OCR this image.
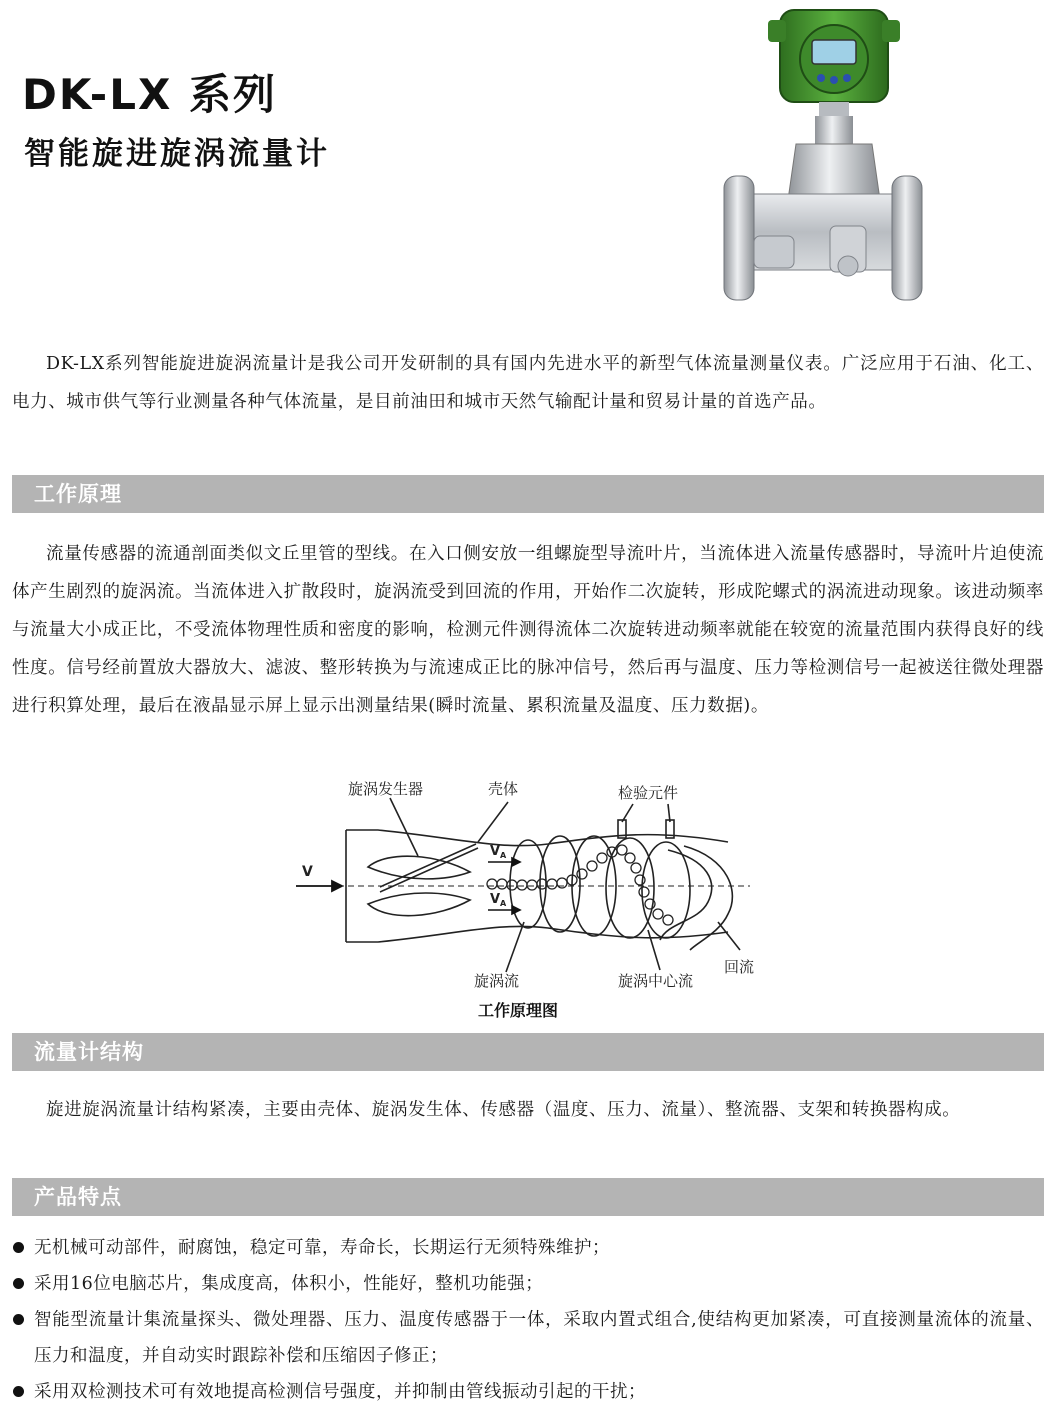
DK-LX 系列
智能旋进旋涡流量计

DK-LX系列智能旋进旋涡流量计是我公司开发研制的具有国内先进水平的新型气体流量测量仪表。广泛应用于石油、化工、电力、城市供气等行业测量各种气体流量，是目前油田和城市天然气输配计量和贸易计量的首选产品。

工作原理

流量传感器的流通剖面类似文丘里管的型线。在入口侧安放一组螺旋型导流叶片，当流体进入流量传感器时，导流叶片迫使流体产生剧烈的旋涡流。当流体进入扩散段时，旋涡流受到回流的作用，开始作二次旋转，形成陀螺式的涡流进动现象。该进动频率与流量大小成正比，不受流体物理性质和密度的影响，检测元件测得流体二次旋转进动频率就能在较宽的流量范围内获得良好的线性度。信号经前置放大器放大、滤波、整形转换为与流速成正比的脉冲信号，然后再与温度、压力等检测信号一起被送往微处理器进行积算处理，最后在液晶显示屏上显示出测量结果(瞬时流量、累积流量及温度、压力数据)。

旋涡发生器	壳体	检验元件
V
V A
V A
旋涡流	旋涡中心流
回流
工作原理图
流量计结构

旋进旋涡流量计结构紧凑，主要由壳体、旋涡发生体、传感器（温度、压力、流量）、整流器、支架和转换器构成。

产品特点
无机械可动部件，耐腐蚀，稳定可靠，寿命长，长期运行无须特殊维护；
采用16位电脑芯片，集成度高，体积小，性能好，整机功能强；
智能型流量计集流量探头、微处理器、压力、温度传感器于一体，采取内置式组合,使结构更加紧凑，可直接测量流体的流量、压力和温度，并自动实时跟踪补偿和压缩因子修正；
采用双检测技术可有效地提高检测信号强度，并抑制由管线振动引起的干扰；
